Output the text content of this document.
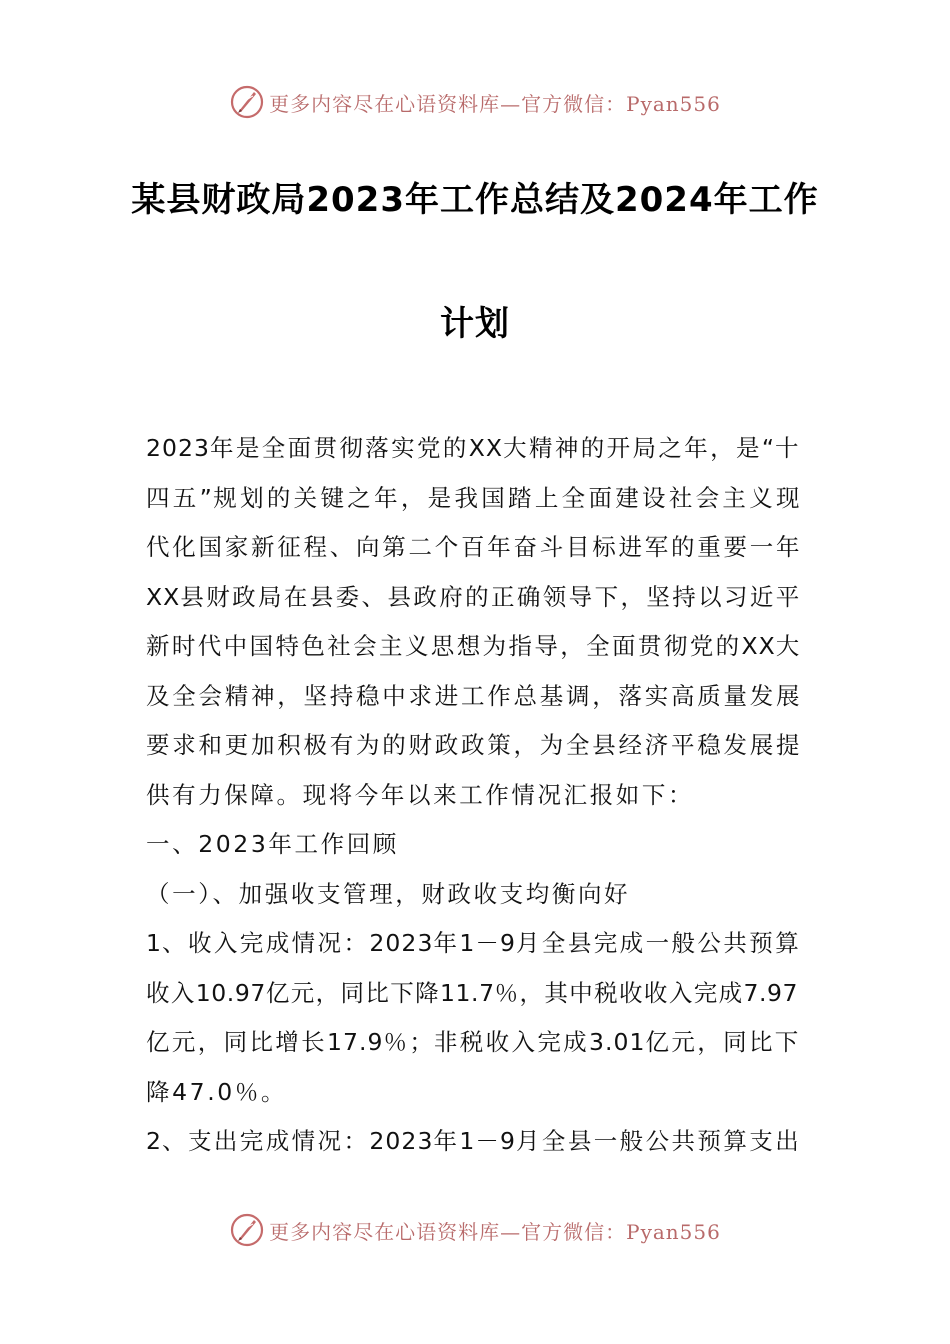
更多内容尽在心语资料库—官方微信：Pyan556
某县财政局2023年工作总结及2024年工作
计划
2 0 2 3 年 是 全 面 贯 彻 落 实 党 的 X X 大 精 神 的 开 局 之 年 ， 是 “ 十
四 五 ” 规 划 的 关 键 之 年 ， 是 我 国 踏 上 全 面 建 设 社 会 主 义 现
代 化 国 家 新 征 程 、 向 第 二 个 百 年 奋 斗 目 标 进 军 的 重 要 一 年
X X 县 财 政 局 在 县 委 、 县 政 府 的 正 确 领 导 下 ， 坚 持 以 习 近 平
新 时 代 中 国 特 色 社 会 主 义 思 想 为 指 导 ， 全 面 贯 彻 党 的 X X 大
及 全 会 精 神 ， 坚 持 稳 中 求 进 工 作 总 基 调 ， 落 实 高 质 量 发 展
要 求 和 更 加 积 极 有 为 的 财 政 政 策 ， 为 全 县 经 济 平 稳 发 展 提
供有力保障。现将今年以来工作情况汇报如下：
一、2023年工作回顾
（一）、加强收支管理，财政收支均衡向好
1 、 收 入 完 成 情 况 ： 2 0 2 3 年 1 － 9 月 全 县 完 成 一 般 公 共 预 算
收 入 1 0 . 9 7 亿 元 ， 同 比 下 降 1 1 . 7 ％ ， 其 中 税 收 收 入 完 成 7 . 9 7
亿 元 ， 同 比 增 长 1 7 . 9 ％ ； 非 税 收 入 完 成 3 . 0 1 亿 元 ， 同 比 下
降47.0％。
2 、 支 出 完 成 情 况 ： 2 0 2 3 年 1 － 9 月 全 县 一 般 公 共 预 算 支 出
更多内容尽在心语资料库—官方微信：Pyan556
